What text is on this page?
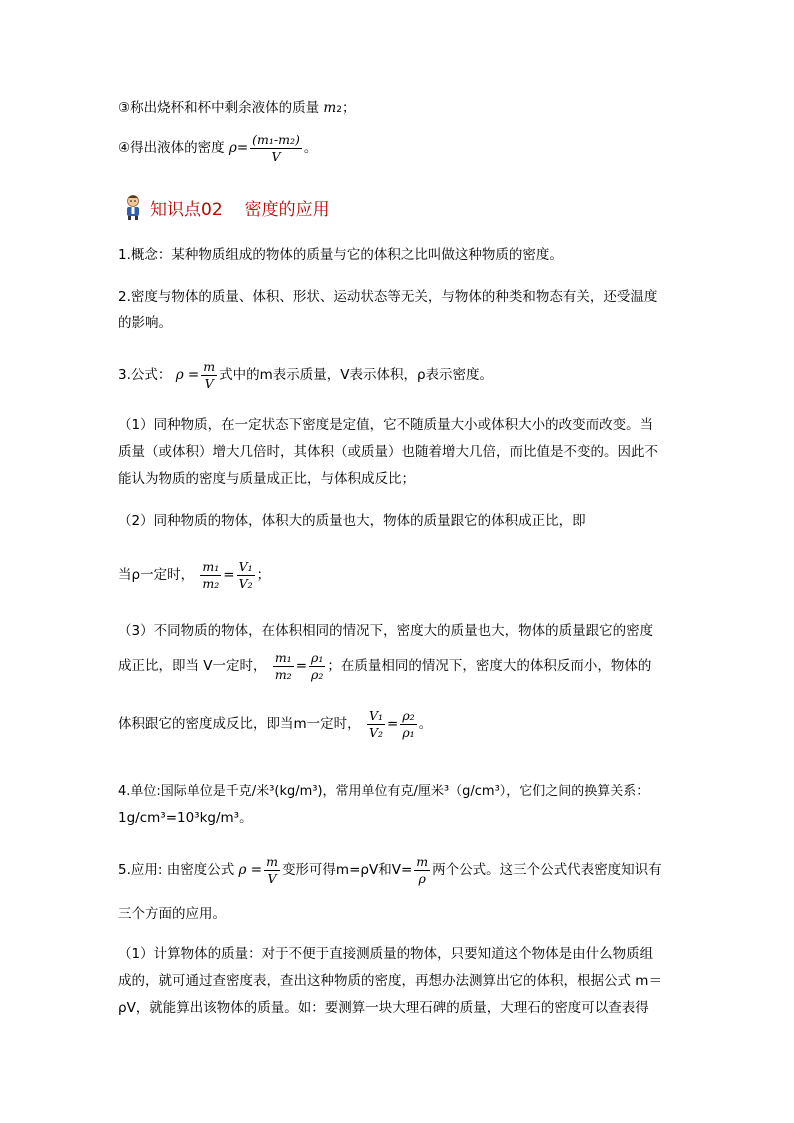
③称出烧杯和杯中剩余液体的质量 m2；
④得出液体的密度 $\rho= \frac{\text{(m₁-m₂)}}{V}$ 。
知识点02 密度的应用
1.概念：某种物质组成的物体的质量与它的体积之比叫做这种物质的密度。
2.密度与物体的质量、体积、形状、运动状态等无关，与物体的种类和物态有关，还受温度
的影响。
3.公式： $\rho = \frac{m}{V}$ 式中的m表示质量，V表示体积，ρ表示密度。
（1）同种物质，在一定状态下密度是定值，它不随质量大小或体积大小的改变而改变。当
质量（或体积）增大几倍时，其体积（或质量）也随着增大几倍，而比值是不变的。因此不
能认为物质的密度与质量成正比，与体积成反比；
（2）同种物质的物体，体积大的质量也大，物体的质量跟它的体积成正比，即
当ρ一定时， $\frac{\text{m₁}}{\text{m₂}} = \frac{\text{V₁}}{\text{V₂}}$ ；
（3）不同物质的物体，在体积相同的情况下，密度大的质量也大，物体的质量跟它的密度
成正比，即当 V一定时， $\frac{\text{m₁}}{\text{m₂}} = \frac{\text{ρ₁}}{\text{ρ₂}}$ ；在质量相同的情况下，密度大的体积反而小，物体的
体积跟它的密度成反比，即当m一定时， $\frac{\text{V₁}}{\text{V₂}} = \frac{\text{ρ₂}}{\text{ρ₁}}$ 。
4.单位:国际单位是千克/米³(kg/m³)，常用单位有克/厘米³（g/cm³），它们之间的换算关系：
1g/cm³=10³kg/m³。
5.应用: 由密度公式 $\rho = \frac{m}{V}$ 变形可得m=ρV和$V= \frac{m}{\rho}$ 两个公式。这三个公式代表密度知识有
三个方面的应用。
（1）计算物体的质量：对于不便于直接测质量的物体，只要知道这个物体是由什么物质组
成的，就可通过查密度表，查出这种物质的密度，再想办法测算出它的体积，根据公式 m＝
ρV，就能算出该物体的质量。如：要测算一块大理石碑的质量，大理石的密度可以查表得
